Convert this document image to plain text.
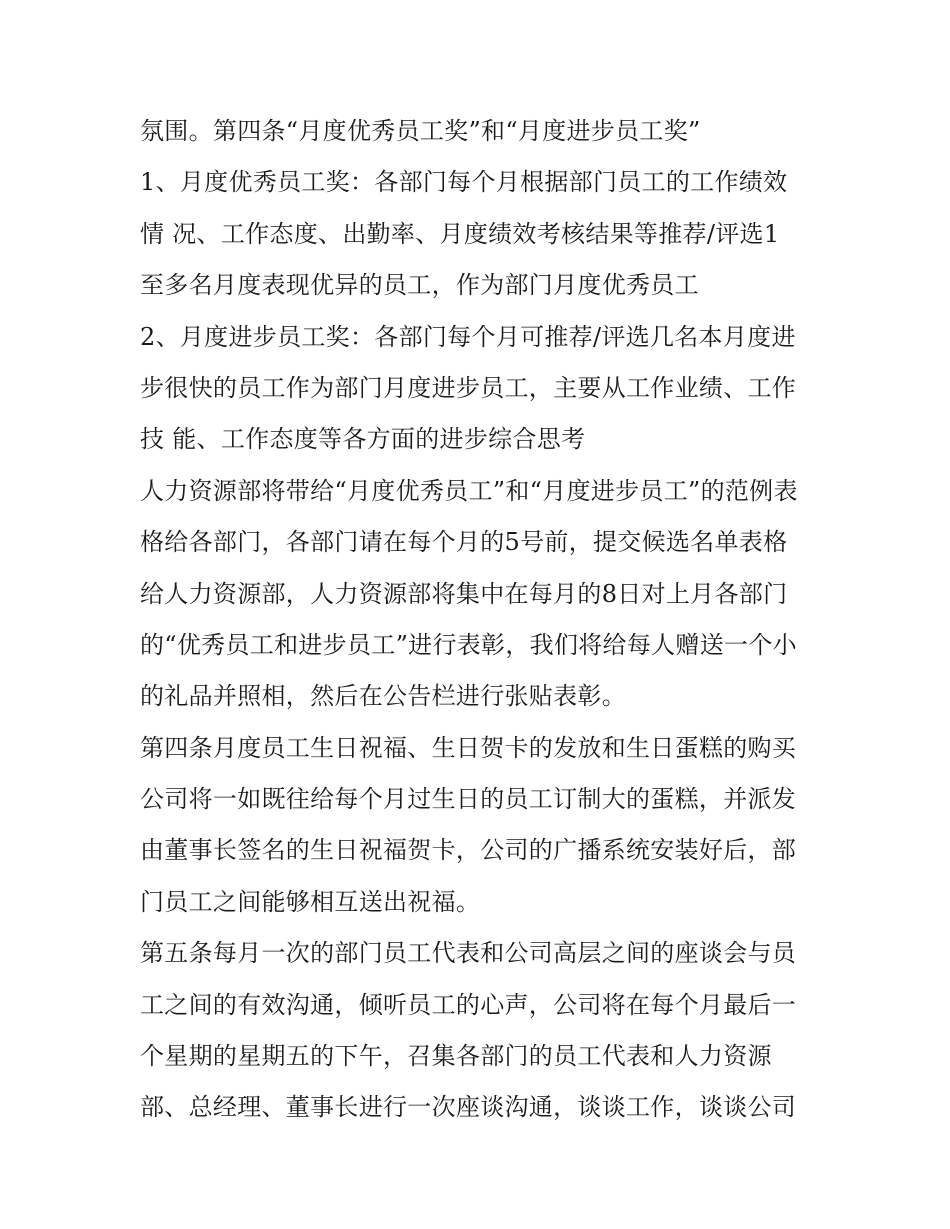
氛围。第四条“月度优秀员工奖”和“月度进步员工奖”
1、月度优秀员工奖：各部门每个月根据部门员工的工作绩效
情 况、工作态度、出勤率、月度绩效考核结果等推荐/评选1
至多名月度表现优异的员工，作为部门月度优秀员工
2、月度进步员工奖：各部门每个月可推荐/评选几名本月度进
步很快的员工作为部门月度进步员工，主要从工作业绩、工作
技 能、工作态度等各方面的进步综合思考
人力资源部将带给“月度优秀员工”和“月度进步员工”的范例表
格给各部门，各部门请在每个月的5号前，提交候选名单表格
给人力资源部，人力资源部将集中在每月的8日对上月各部门
的“优秀员工和进步员工”进行表彰，我们将给每人赠送一个小
的礼品并照相，然后在公告栏进行张贴表彰。
第四条月度员工生日祝福、生日贺卡的发放和生日蛋糕的购买
公司将一如既往给每个月过生日的员工订制大的蛋糕，并派发
由董事长签名的生日祝福贺卡，公司的广播系统安装好后，部
门员工之间能够相互送出祝福。
第五条每月一次的部门员工代表和公司高层之间的座谈会与员
工之间的有效沟通，倾听员工的心声，公司将在每个月最后一
个星期的星期五的下午，召集各部门的员工代表和人力资源
部、总经理、董事长进行一次座谈沟通，谈谈工作，谈谈公司
